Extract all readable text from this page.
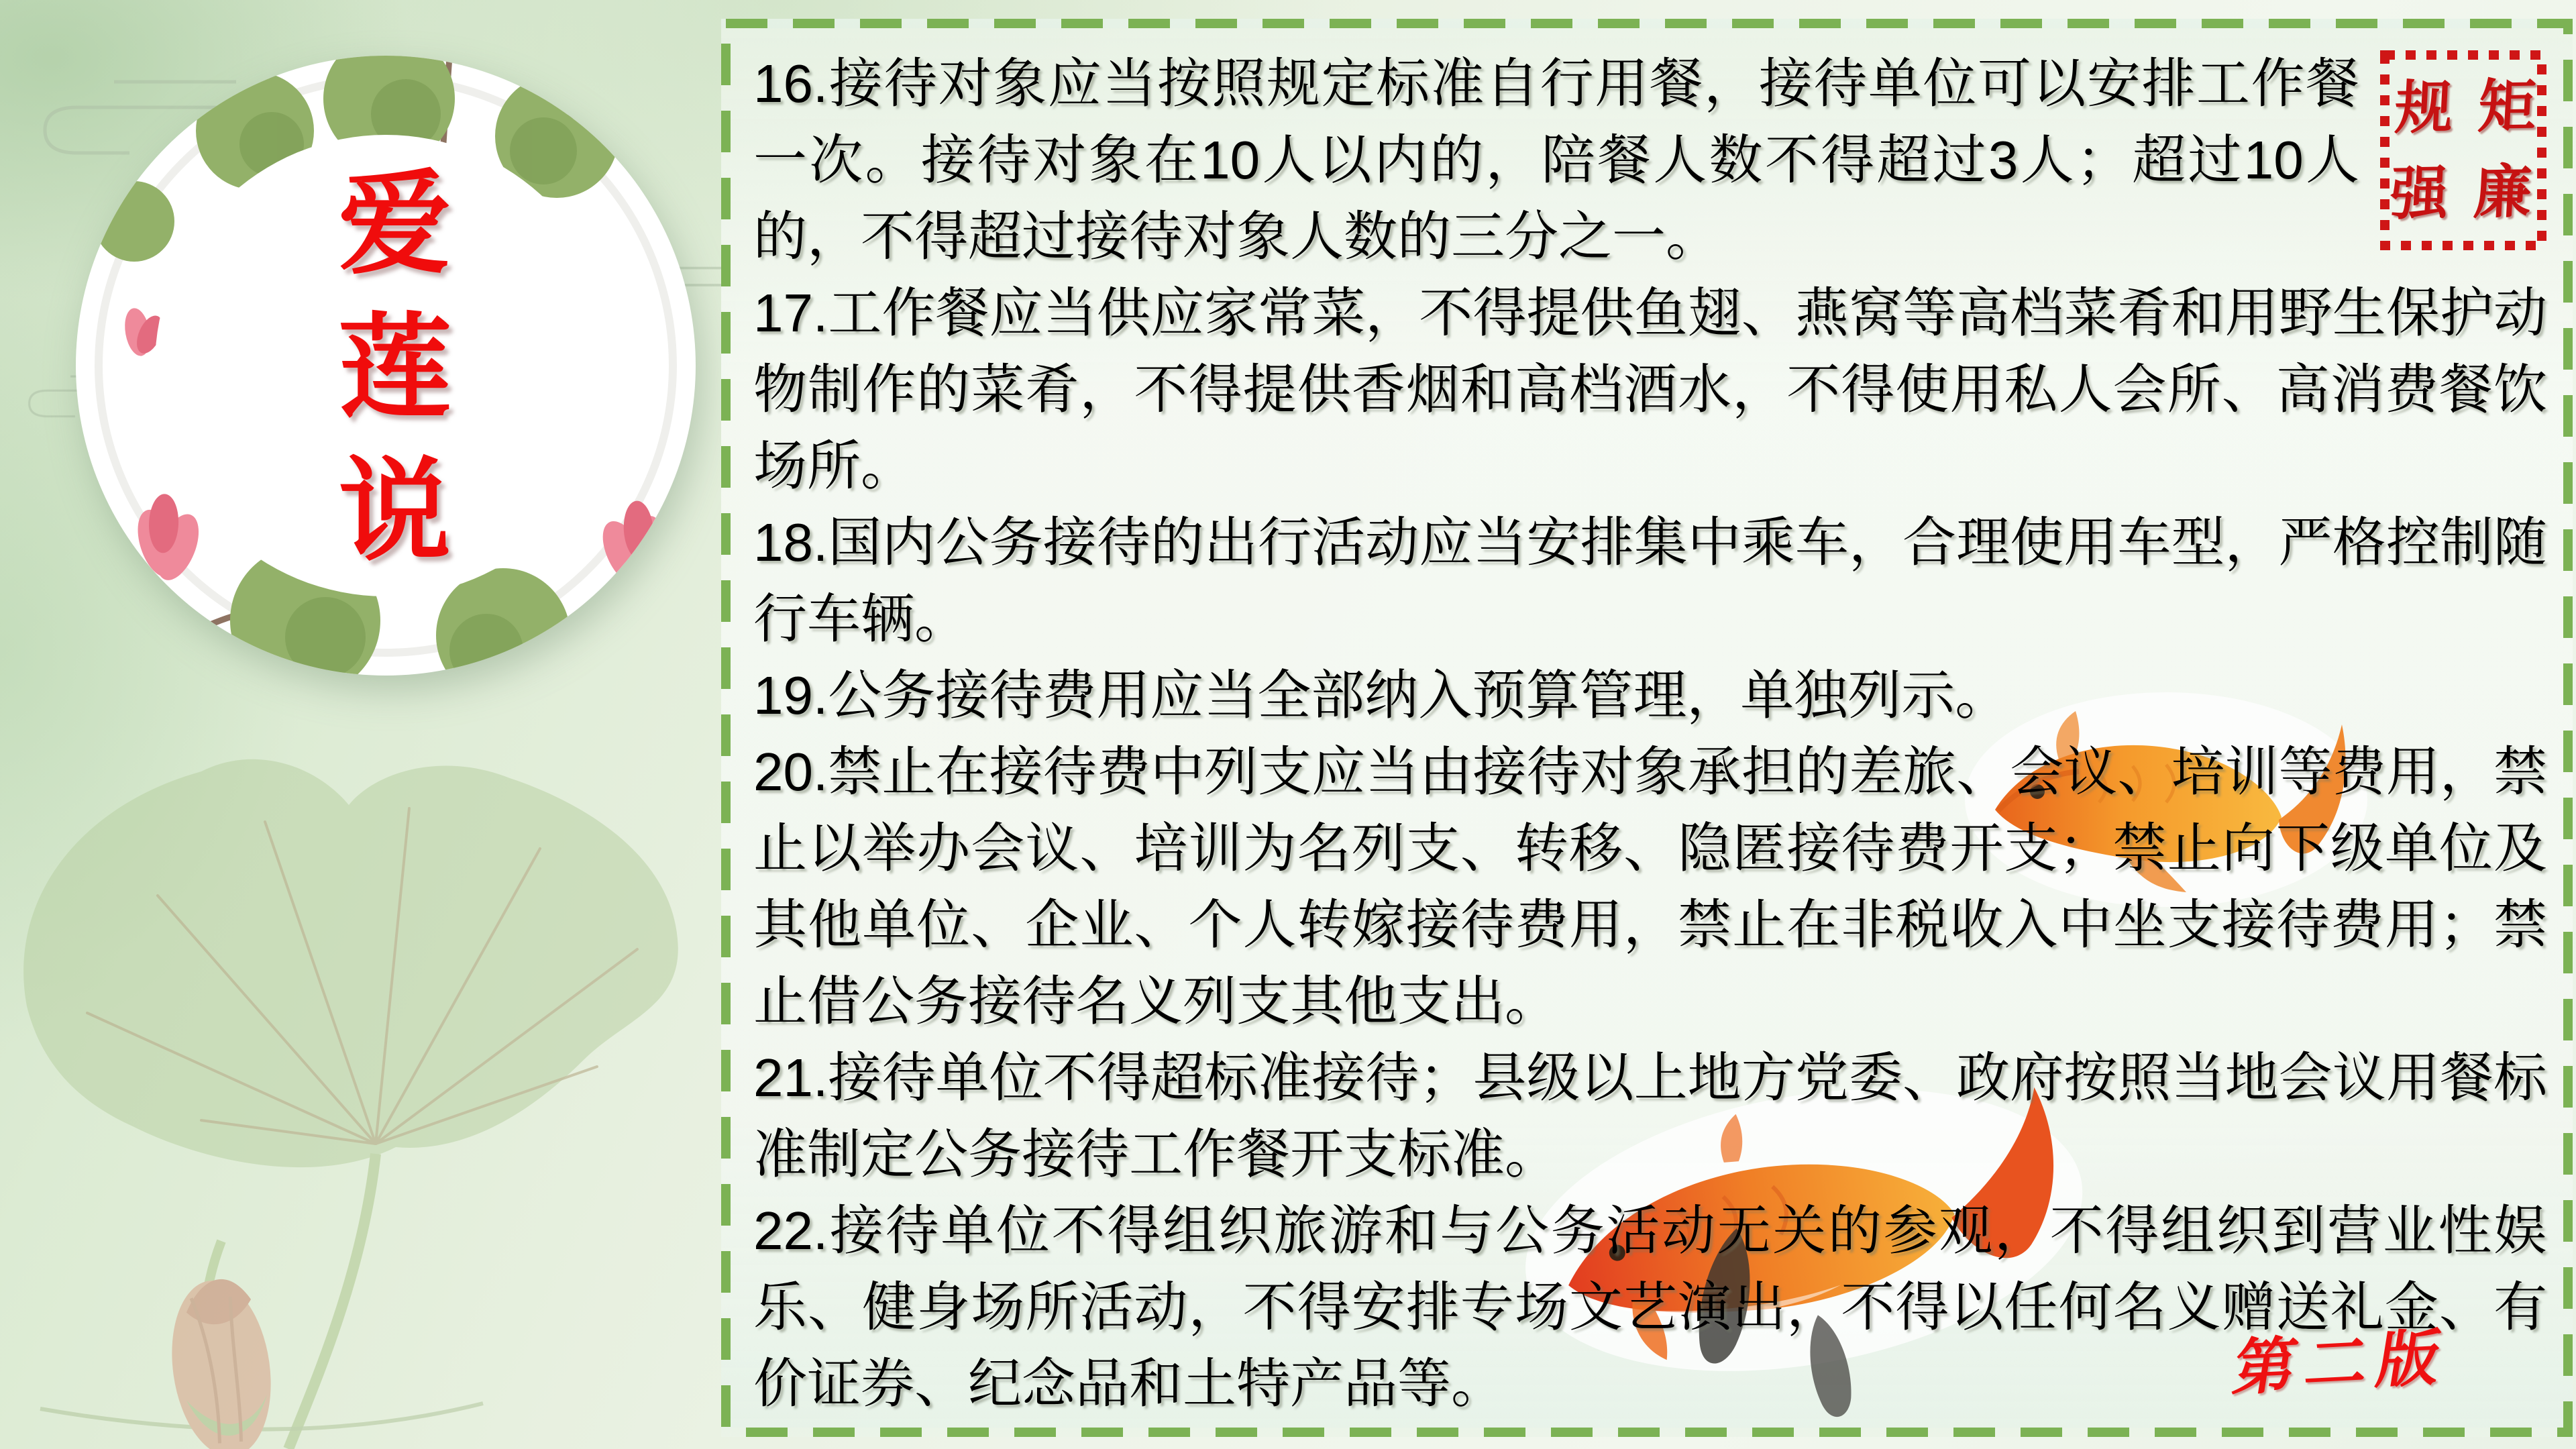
爱莲说
规矩
强廉

16.接待对象应当按照规定标准自行用餐，接待单位可以安排工作餐一次。接待对象在10人以内的，陪餐人数不得超过3人；超过10人的，不得超过接待对象人数的三分之一。

17.工作餐应当供应家常菜，不得提供鱼翅、燕窝等高档菜肴和用野生保护动物制作的菜肴，不得提供香烟和高档酒水，不得使用私人会所、高消费餐饮场所。

18.国内公务接待的出行活动应当安排集中乘车，合理使用车型，严格控制随行车辆。

19.公务接待费用应当全部纳入预算管理，单独列示。

20.禁止在接待费中列支应当由接待对象承担的差旅、会议、培训等费用，禁止以举办会议、培训为名列支、转移、隐匿接待费开支；禁止向下级单位及其他单位、企业、个人转嫁接待费用，禁止在非税收入中坐支接待费用；禁止借公务接待名义列支其他支出。

21.接待单位不得超标准接待；县级以上地方党委、政府按照当地会议用餐标准制定公务接待工作餐开支标准。

22.接待单位不得组织旅游和与公务活动无关的参观，不得组织到营业性娱乐、健身场所活动，不得安排专场文艺演出，不得以任何名义赠送礼金、有价证券、纪念品和土特产品等。	第二版
